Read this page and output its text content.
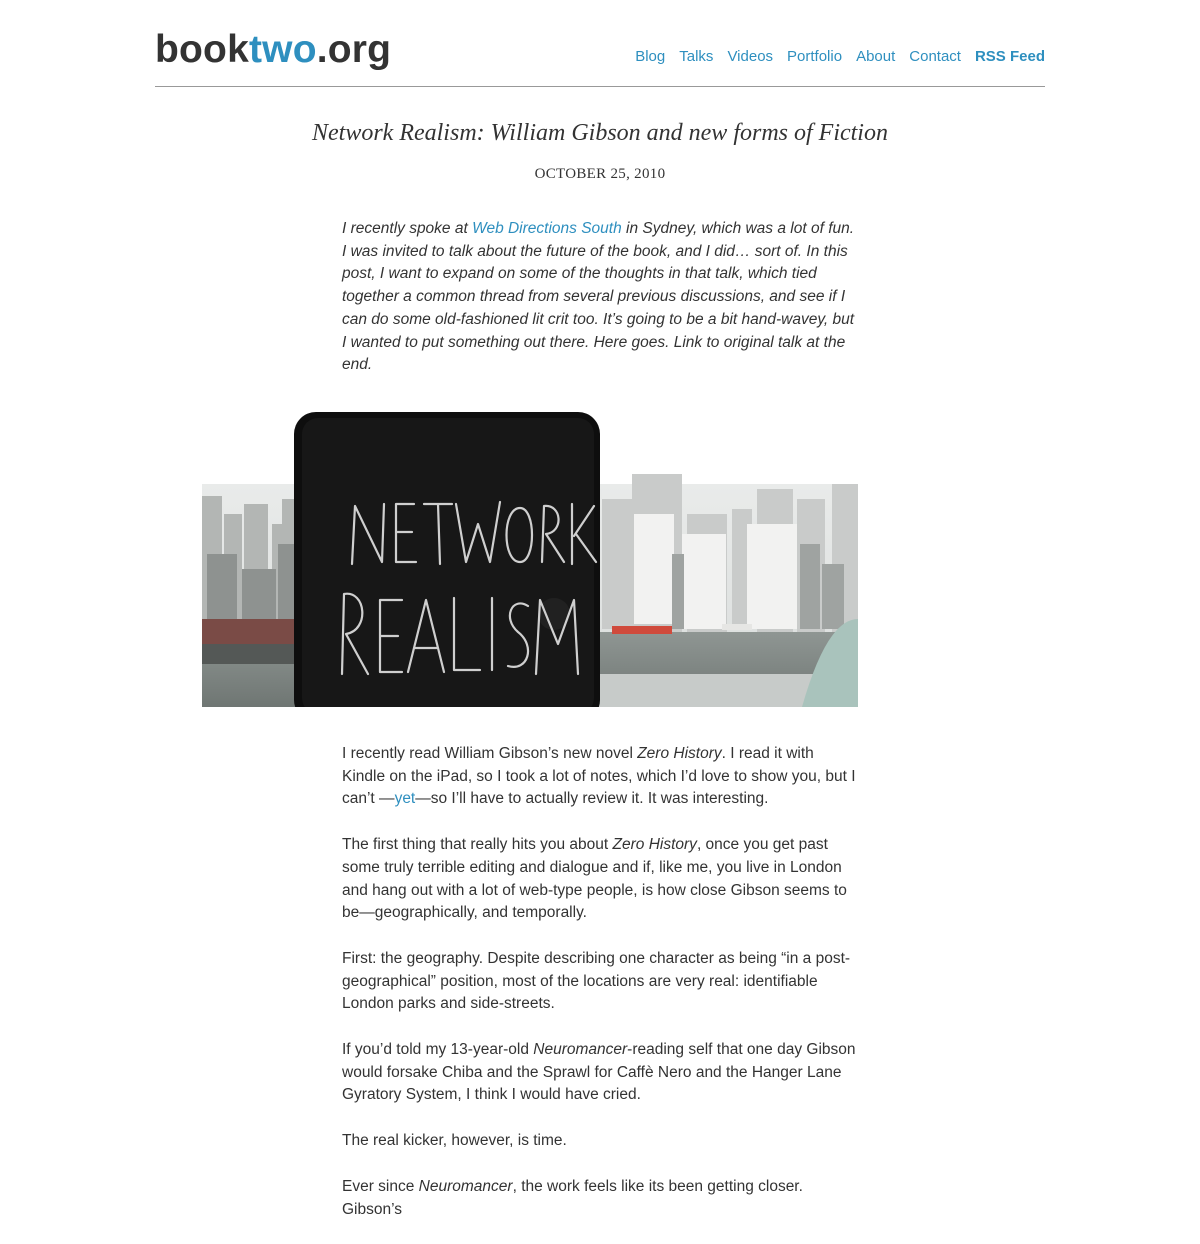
booktwo.org	Blog Talks Videos Portfolio About Contact RSS Feed
Network Realism: William Gibson and new forms of Fiction
OCTOBER 25, 2010

I recently spoke at Web Directions South in Sydney, which was a lot of fun. I was invited to talk about the future of the book, and I did… sort of. In this post, I want to expand on some of the thoughts in that talk, which tied together a common thread from several previous discussions, and see if I can do some old-fashioned lit crit too. It’s going to be a bit hand-wavey, but I wanted to put something out there. Here goes. Link to original talk at the end.

I recently read William Gibson’s new novel Zero History. I read it with Kindle on the iPad, so I took a lot of notes, which I’d love to show you, but I can’t —yet—so I’ll have to actually review it. It was interesting.

The first thing that really hits you about Zero History, once you get past some truly terrible editing and dialogue and if, like me, you live in London and hang out with a lot of web-type people, is how close Gibson seems to be—geographically, and temporally.

First: the geography. Despite describing one character as being “in a post-geographical” position, most of the locations are very real: identifiable London parks and side-streets.

If you’d told my 13-year-old Neuromancer-reading self that one day Gibson would forsake Chiba and the Sprawl for Caffè Nero and the Hanger Lane Gyratory System, I think I would have cried.

The real kicker, however, is time.

Ever since Neuromancer, the work feels like its been getting closer. Gibson’s
